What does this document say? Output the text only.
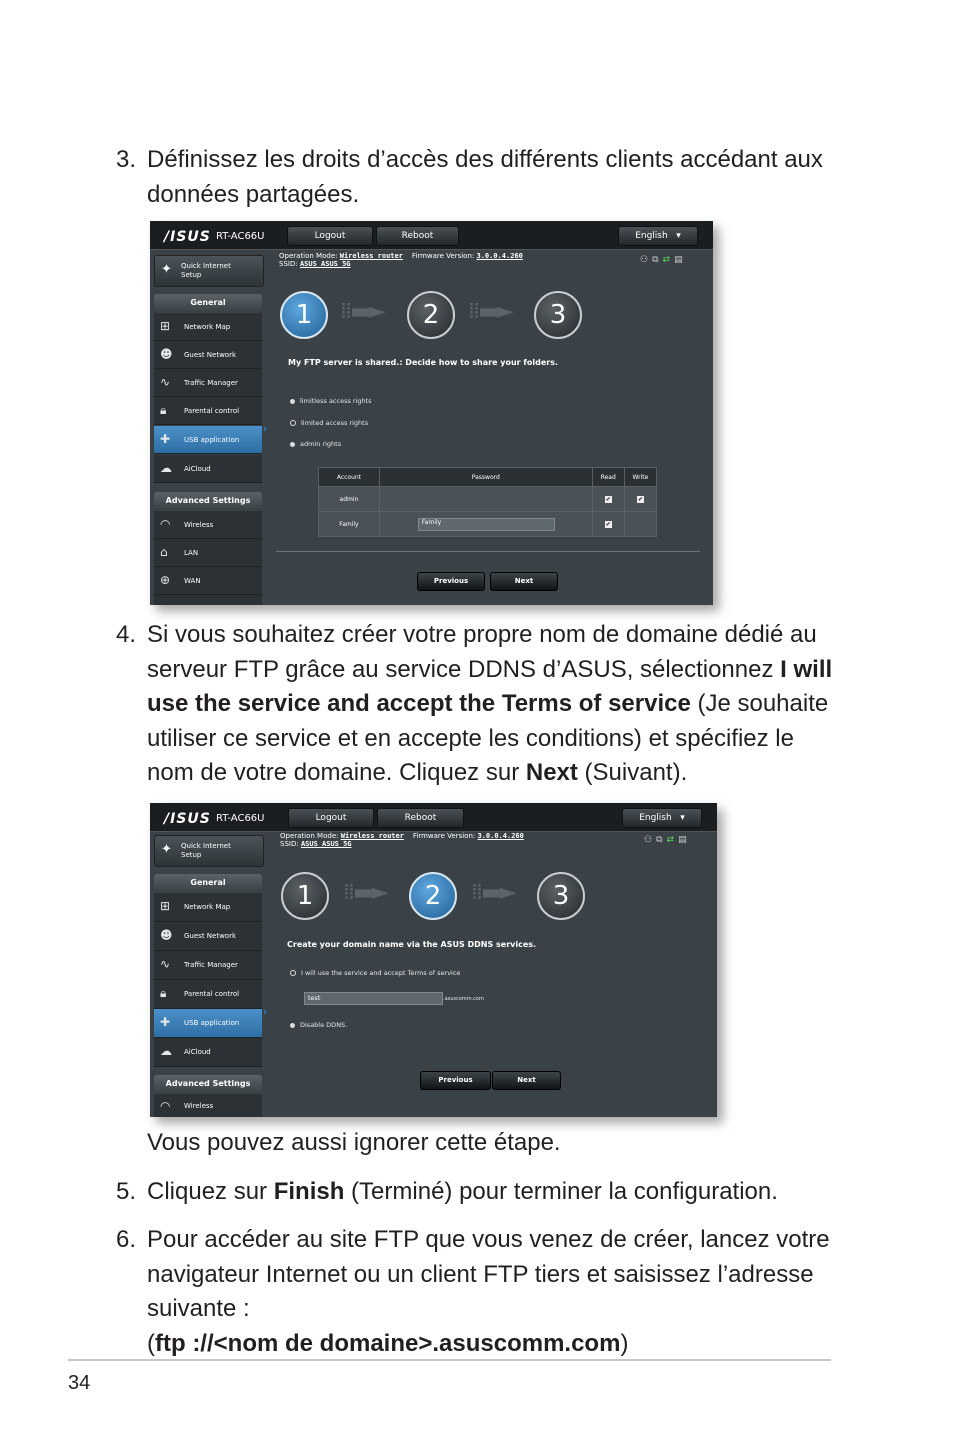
3. Définissez les droits d’accès des différents clients accédant aux
données partagées.
/ISUS RT-AC66U	Logout	Reboot	English   ▾
✦ Quick Internet Setup
General
⊞ Network Map
☻ Guest Network
∿ Traffic Manager
🔒︎	Parental control
✚ USB application
☁ AiCloud
Advanced Settings
◠ Wireless
⌂ LAN
⊕ WAN
Operation Mode: Wireless router Firmware Version: 3.0.0.4.260
SSID: ASUS ASUS_5G	⚇⧉⇄▤
1	⁞⁞▬►	2	⁞⁞▬►	3
My FTP server is shared.: Decide how to share your folders.
limitless access rights
limited access rights
admin rights
Account	Password	Read	Write
admin		✔	✔
Family	Family	✔	
Previous	Next
4. Si vous souhaitez créer votre propre nom de domaine dédié au
serveur FTP grâce au service DDNS d’ASUS, sélectionnez I will
use the service and accept the Terms of service (Je souhaite
utiliser ce service et en accepte les conditions) et spécifiez le
nom de votre domaine. Cliquez sur Next (Suivant).
/ISUS RT-AC66U	Logout	Reboot	English   ▾
✦ Quick Internet Setup
General
⊞ Network Map
☻ Guest Network
∿ Traffic Manager
🔒︎	Parental control
✚ USB application
☁ AiCloud
Advanced Settings
◠ Wireless
Operation Mode: Wireless router Firmware Version: 3.0.0.4.260
SSID: ASUS ASUS_5G	⚇⧉⇄▤
1	⁞⁞▬►	2	⁞⁞▬►	3
Create your domain name via the ASUS DDNS services.
I will use the service and accept Terms of service
test	.asuscomm.com
Disable DDNS.
Previous	Next
Vous pouvez aussi ignorer cette étape.
5. Cliquez sur Finish (Terminé) pour terminer la configuration.
6. Pour accéder au site FTP que vous venez de créer, lancez votre
navigateur Internet ou un client FTP tiers et saisissez l’adresse
suivante :
(ftp ://<nom de domaine>.asuscomm.com)
34
